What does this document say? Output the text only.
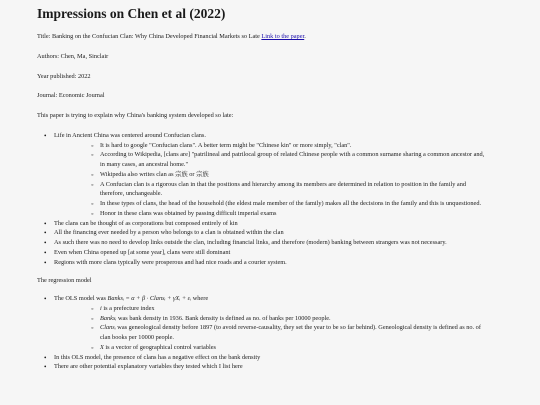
Impressions on Chen et al (2022)

Title: Banking on the Confucian Clan: Why China Developed Financial Markets so Late Link to the paper.

Authors: Chen, Ma, Sinclair

Year published: 2022

Journal: Economic Journal

This paper is trying to explain why China's banking system developed so late:

• Life in Ancient China was centered around Confucian clans.
◦ It is hard to google "Confucian clans". A better term might be "Chinese kin" or more simply, "clan".
◦ According to Wikipedia, [clans are] "patrilineal and patrilocal group of related Chinese people with a common surname sharing a common ancestor and, in many cases, an ancestral home."
◦ Wikipedia also writes clan as 宗族 or 宗族
◦ A Confucian clan is a rigorous clan in that the positions and hierarchy among its members are determined in relation to position in the family and therefore, unchangeable.
◦ In these types of clans, the head of the household (the eldest male member of the family) makes all the decisions in the family and this is unquestioned.
◦ Honor in these clans was obtained by passing difficult imperial exams
• The clans can be thought of as corporations but composed entirely of kin
• All the financing ever needed by a person who belongs to a clan is obtained within the clan
• As such there was no need to develop links outside the clan, including financial links, and therefore (modern) banking between strangers was not necessary.
• Even when China opened up [at some year], clans were still dominant
• Regions with more clans typically were prosperous and had nice roads and a courier system.

The regression model

• The OLS model was Banksᵢ = α + β · Clansᵢ + γXᵢ + εᵢ where
◦ i is a prefecture index
◦ Banksᵢ was bank density in 1936. Bank density is defined as no. of banks per 10000 people.
◦ Clansᵢ was geneological density before 1897 (to avoid reverse-causality, they set the year to be so far behind). Geneological density is defined as no. of clan books per 10000 people.
◦ X is a vector of geographical control variables
• In this OLS model, the presence of clans has a negative effect on the bank density
• There are other potential explanatory variables they tested which I list here
